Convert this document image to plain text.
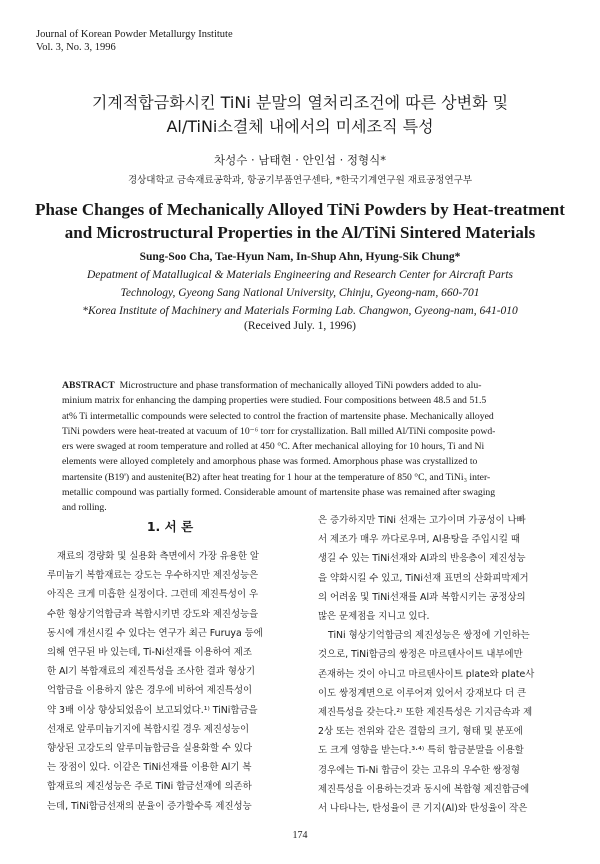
Journal of Korean Powder Metallurgy Institute
Vol. 3, No. 3, 1996
기계적합금화시킨 TiNi 분말의 열처리조건에 따른 상변화 및
Al/TiNi소결체 내에서의 미세조직 특성
차성수 · 남태현 · 안인섭 · 정형식*
경상대학교 금속재료공학과, 항공기부품연구센타, *한국기계연구원 재료공정연구부
Phase Changes of Mechanically Alloyed TiNi Powders by Heat-treatment
and Microstructural Properties in the Al/TiNi Sintered Materials
Sung-Soo Cha, Tae-Hyun Nam, In-Shup Ahn, Hyung-Sik Chung*
Depatment of Matallugical & Materials Engineering and Research Center for Aircraft Parts
Technology, Gyeong Sang National University, Chinju, Gyeong-nam, 660-701
*Korea Institute of Machinery and Materials Forming Lab. Changwon, Gyeong-nam, 641-010
(Received July. 1, 1996)
ABSTRACT Microstructure and phase transformation of mechanically alloyed TiNi powders added to alu-
minium matrix for enhancing the damping properties were studied. Four compositions between 48.5 and 51.5
at% Ti intermetallic compounds were selected to control the fraction of martensite phase. Mechanically alloyed
TiNi powders were heat-treated at vacuum of 10⁻⁶ torr for crystallization. Ball milled Al/TiNi composite powd-
ers were swaged at room temperature and rolled at 450 °C. After mechanical alloying for 10 hours, Ti and Ni
elements were alloyed completely and amorphous phase was formed. Amorphous phase was crystallized to
martensite (B19') and austenite(B2) after heat treating for 1 hour at the temperature of 850 °C, and TiNi₃ inter-
metallic compound was partially formed. Considerable amount of martensite phase was remained after swaging
and rolling.
1. 서 론
재료의 경량화 및 실용화 측면에서 가장 유용한 알
루미늄기 복합재료는 강도는 우수하지만 제진성능은
아직은 크게 미흡한 실정이다. 그런데 제진특성이 우
수한 형상기억합금과 복합시키면 강도와 제진성능을
동시에 개선시킬 수 있다는 연구가 최근 Furuya 등에
의해 연구된 바 있는데, Ti-Ni선재를 이용하여 제조
한 Al기 복합재료의 제진특성을 조사한 결과 형상기
억합금을 이용하지 않은 경우에 비하여 제진특성이
약 3배 이상 향상되었음이 보고되었다.¹⁾ TiNi합금을
선재로 알루미늄기지에 복합시킬 경우 제진성능이
향상된 고강도의 알루미늄합금을 실용화할 수 있다
는 장점이 있다. 이같은 TiNi선재를 이용한 Al기 복
합재료의 제진성능은 주로 TiNi 합금선재에 의존하
는데, TiNi합금선재의 분율이 증가할수록 제진성능
은 증가하지만 TiNi 선재는 고가이며 가공성이 나빠
서 제조가 매우 까다로우며, Al용탕을 주입시킬 때
생길 수 있는 TiNi선재와 Al과의 반응층이 제진성능
을 약화시킬 수 있고, TiNi선재 표면의 산화피막제거
의 어려움 및 TiNi선재를 Al과 복합시키는 공정상의
많은 문제점을 지니고 있다.
TiNi 형상기억합금의 제진성능은 쌍정에 기인하는
것으로, TiNi합금의 쌍정은 마르텐사이트 내부에만
존재하는 것이 아니고 마르텐사이트 plate와 plate사
이도 쌍정계면으로 이루어져 있어서 강재보다 더 큰
제진특성을 갖는다.²⁾ 또한 제진특성은 기지금속과 제
2상 또는 전위와 같은 결함의 크기, 형태 및 분포에
도 크게 영향을 받는다.³·⁴⁾ 특히 합금분말을 이용할
경우에는 Ti-Ni 합금이 갖는 고유의 우수한 쌍정형
제진특성을 이용하는것과 동시에 복합형 제진합금에
서 나타나는, 탄성율이 큰 기지(Al)와 탄성율이 작은
174
